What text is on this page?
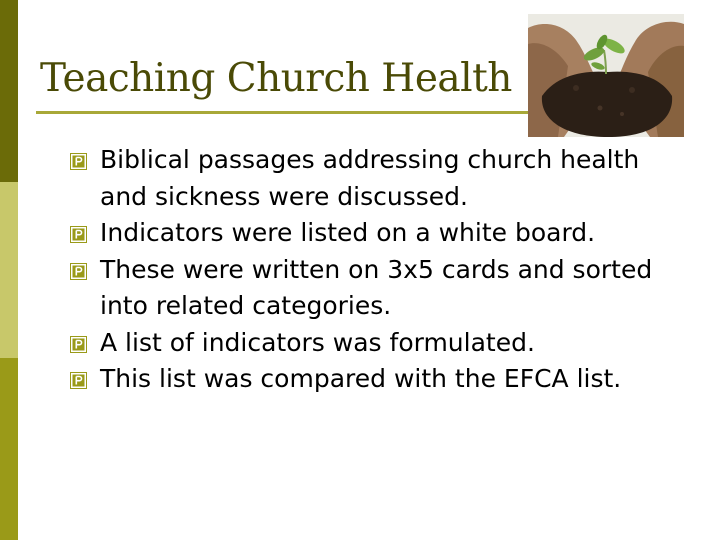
Teaching Church Health
Biblical passages addressing church health and sickness were discussed.
Indicators were listed on a white board.
These were written on 3x5 cards and sorted into related categories.
A list of indicators was formulated.
This list was compared with the EFCA list.
